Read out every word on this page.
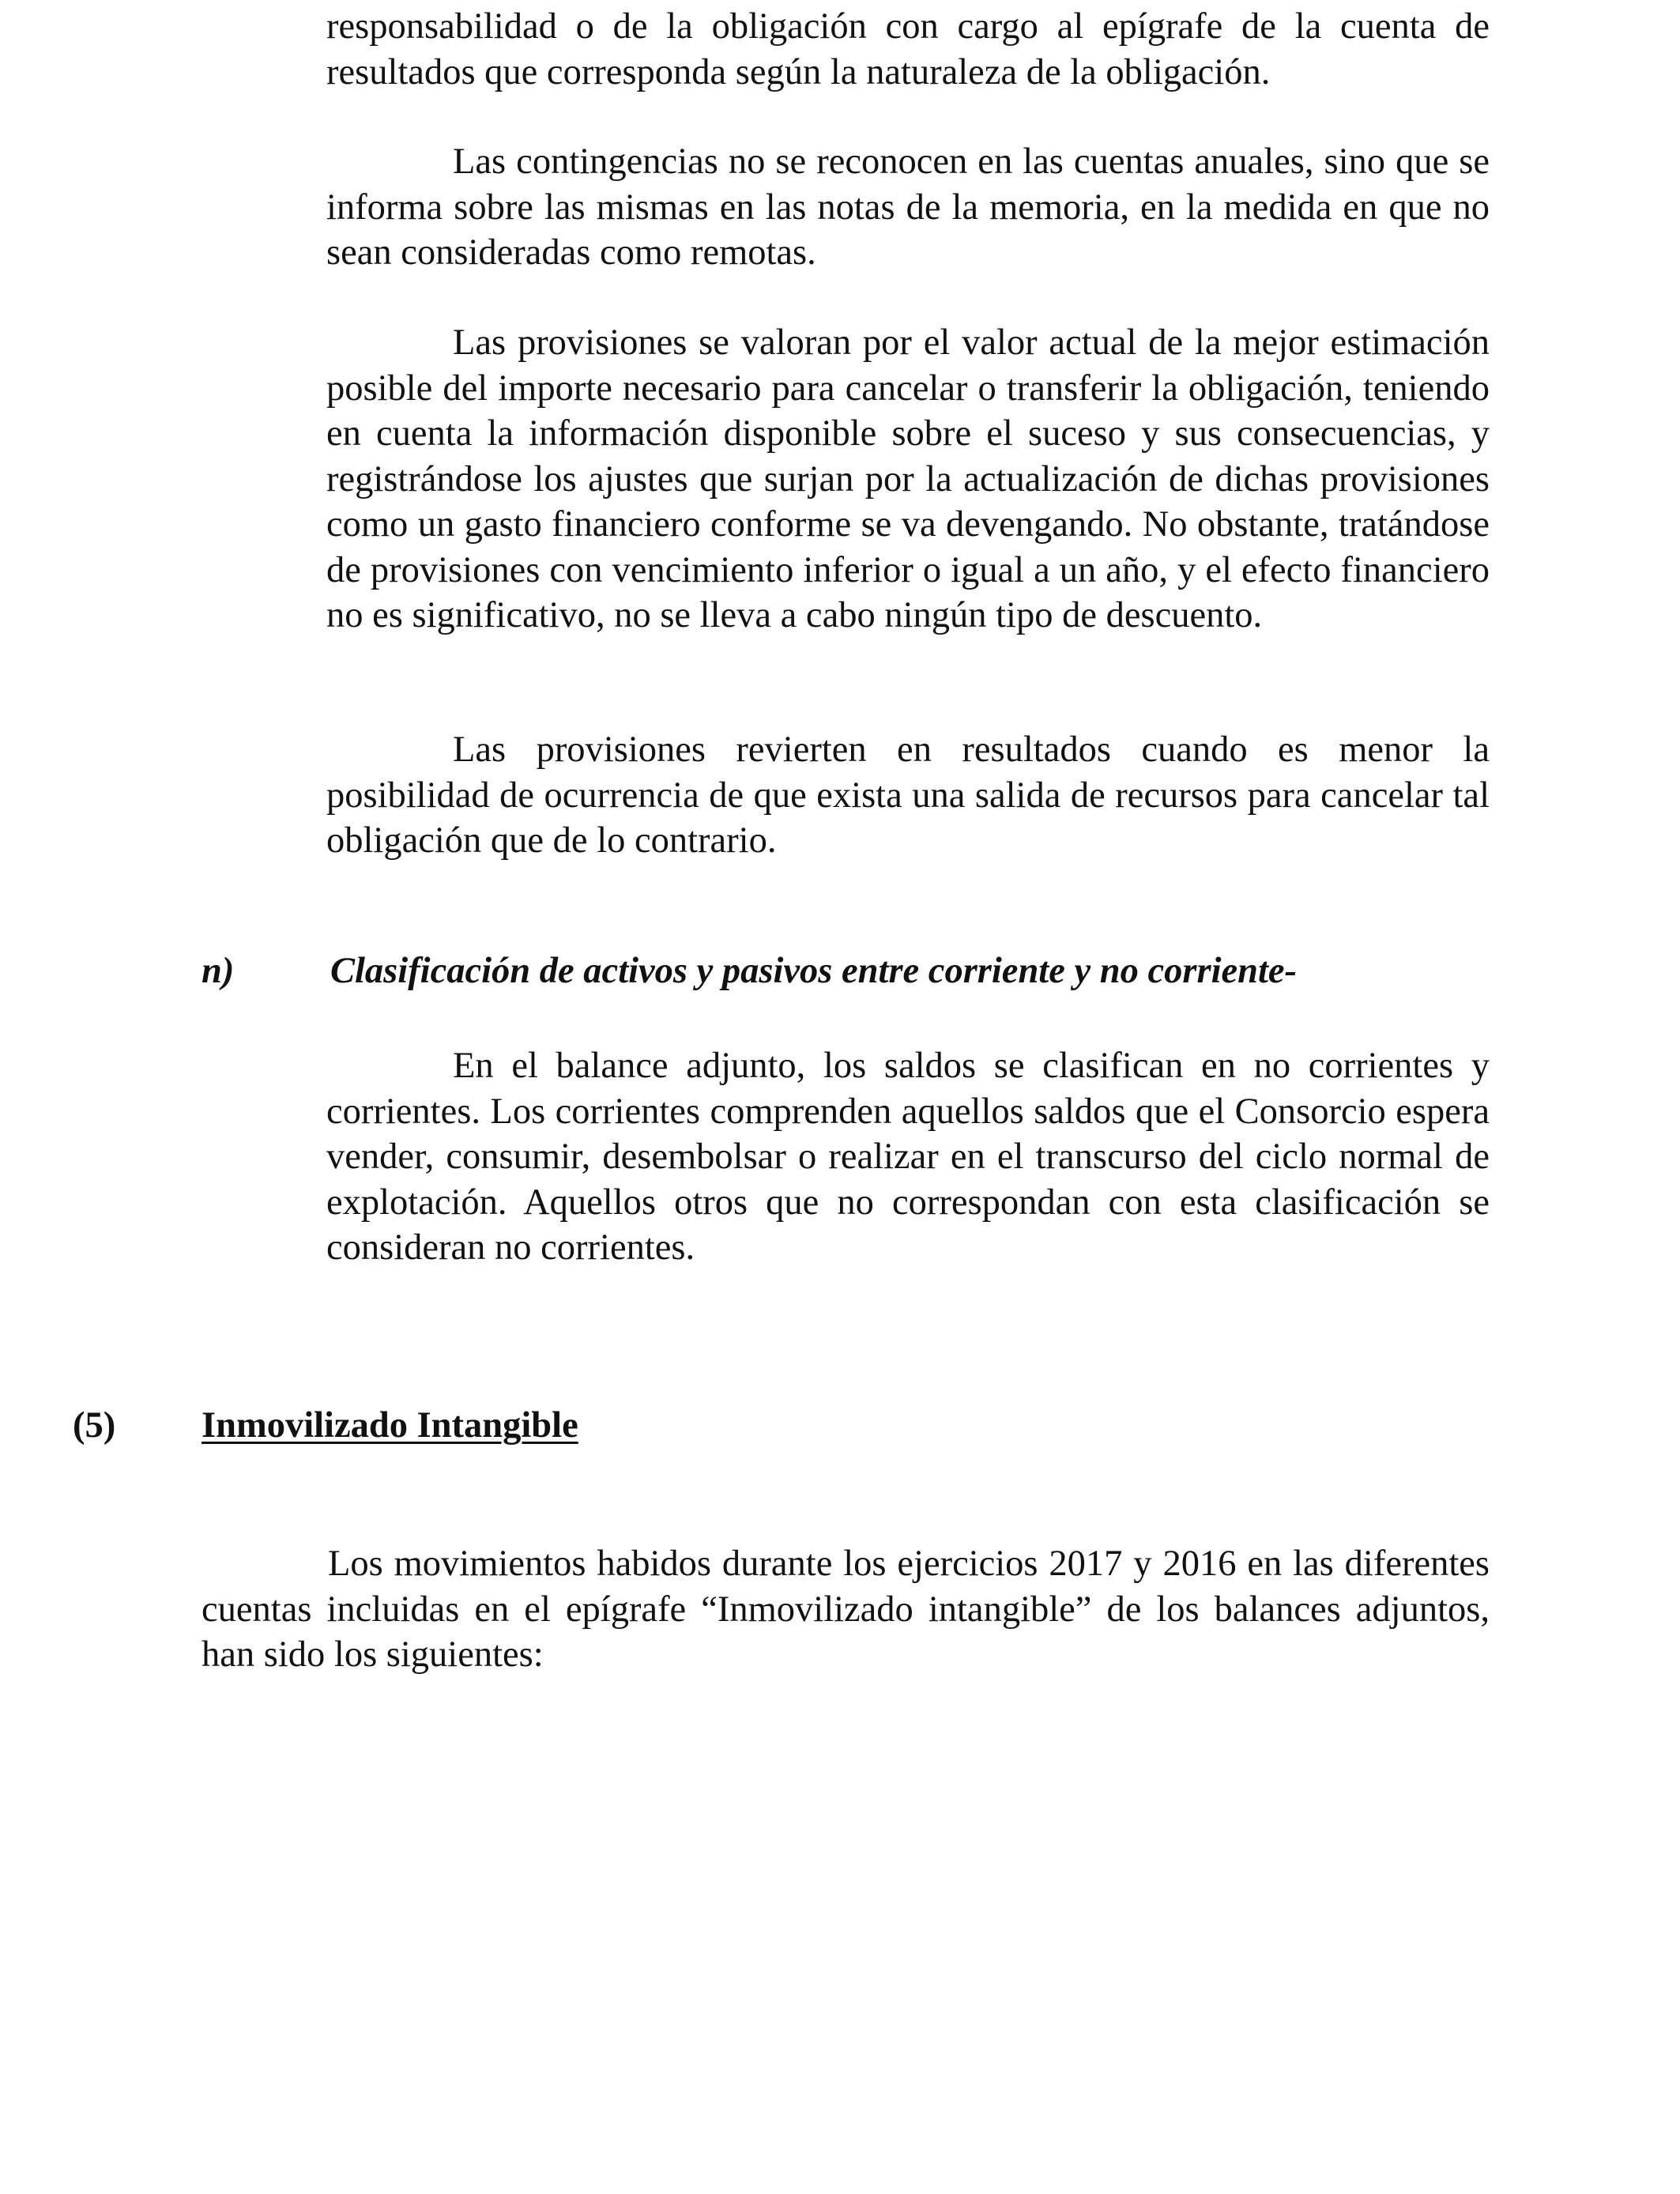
responsabilidad o de la obligación con cargo al epígrafe de la cuenta de resultados que corresponda según la naturaleza de la obligación.

Las contingencias no se reconocen en las cuentas anuales, sino que se informa sobre las mismas en las notas de la memoria, en la medida en que no sean consideradas como remotas.

Las provisiones se valoran por el valor actual de la mejor estimación posible del importe necesario para cancelar o transferir la obligación, teniendo en cuenta la información disponible sobre el suceso y sus consecuencias, y registrándose los ajustes que surjan por la actualización de dichas provisiones como un gasto financiero conforme se va devengando. No obstante, tratándose de provisiones con vencimiento inferior o igual a un año, y el efecto financiero no es significativo, no se lleva a cabo ningún tipo de descuento.

Las provisiones revierten en resultados cuando es menor la posibilidad de ocurrencia de que exista una salida de recursos para cancelar tal obligación que de lo contrario.

n)	Clasificación de activos y pasivos entre corriente y no corriente-

En el balance adjunto, los saldos se clasifican en no corrientes y corrientes. Los corrientes comprenden aquellos saldos que el Consorcio espera vender, consumir, desembolsar o realizar en el transcurso del ciclo normal de explotación. Aquellos otros que no correspondan con esta clasificación se consideran no corrientes.

(5) Inmovilizado Intangible

Los movimientos habidos durante los ejercicios 2017 y 2016 en las diferentes cuentas incluidas en el epígrafe “Inmovilizado intangible” de los balances adjuntos, han sido los siguientes:
